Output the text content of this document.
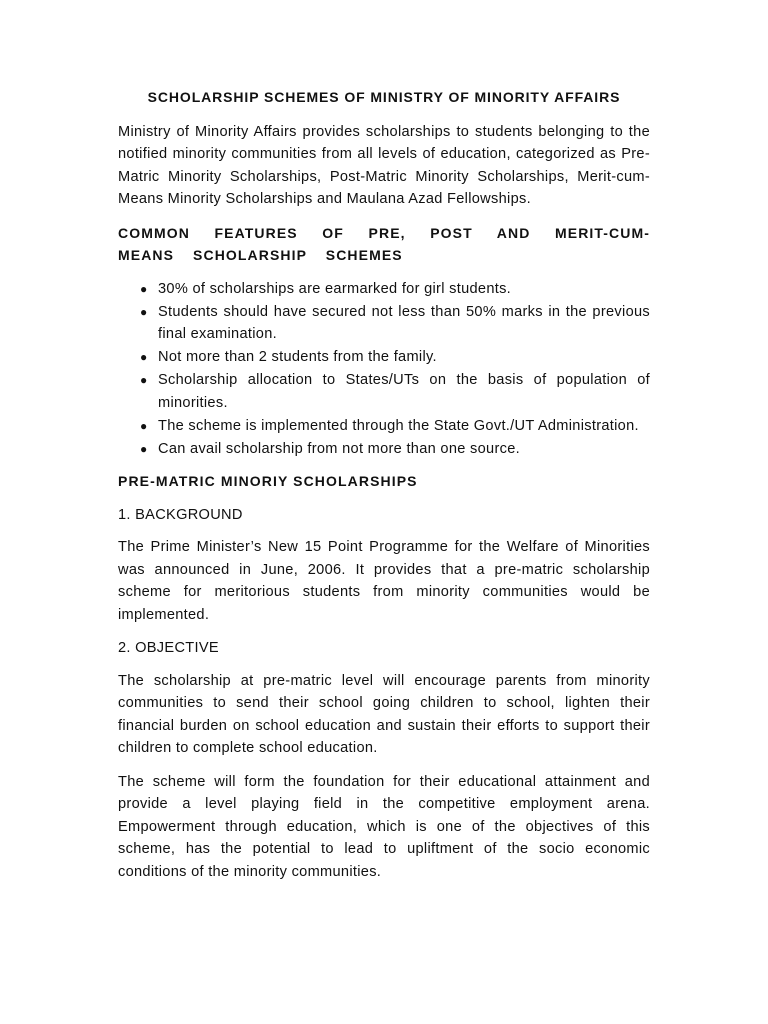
SCHOLARSHIP SCHEMES OF MINISTRY OF MINORITY AFFAIRS

Ministry of Minority Affairs provides scholarships to students belonging to the notified minority communities from all levels of education, categorized as Pre-Matric Minority Scholarships, Post-Matric Minority Scholarships, Merit-cum-Means Minority Scholarships and Maulana Azad Fellowships.

COMMON FEATURES OF PRE, POST AND MERIT-CUM-MEANS SCHOLARSHIP SCHEMES
● 30% of scholarships are earmarked for girl students.
● Students should have secured not less than 50% marks in the previous final examination.
● Not more than 2 students from the family.
● Scholarship allocation to States/UTs on the basis of population of minorities.
● The scheme is implemented through the State Govt./UT Administration.
● Can avail scholarship from not more than one source.
PRE-MATRIC MINORIY SCHOLARSHIPS
1. BACKGROUND

The Prime Minister’s New 15 Point Programme for the Welfare of Minorities was announced in June, 2006. It provides that a pre-matric scholarship scheme for meritorious students from minority communities would be implemented.

2. OBJECTIVE

The scholarship at pre-matric level will encourage parents from minority communities to send their school going children to school, lighten their financial burden on school education and sustain their efforts to support their children to complete school education.

The scheme will form the foundation for their educational attainment and provide a level playing field in the competitive employment arena. Empowerment through education, which is one of the objectives of this scheme, has the potential to lead to upliftment of the socio economic conditions of the minority communities.
